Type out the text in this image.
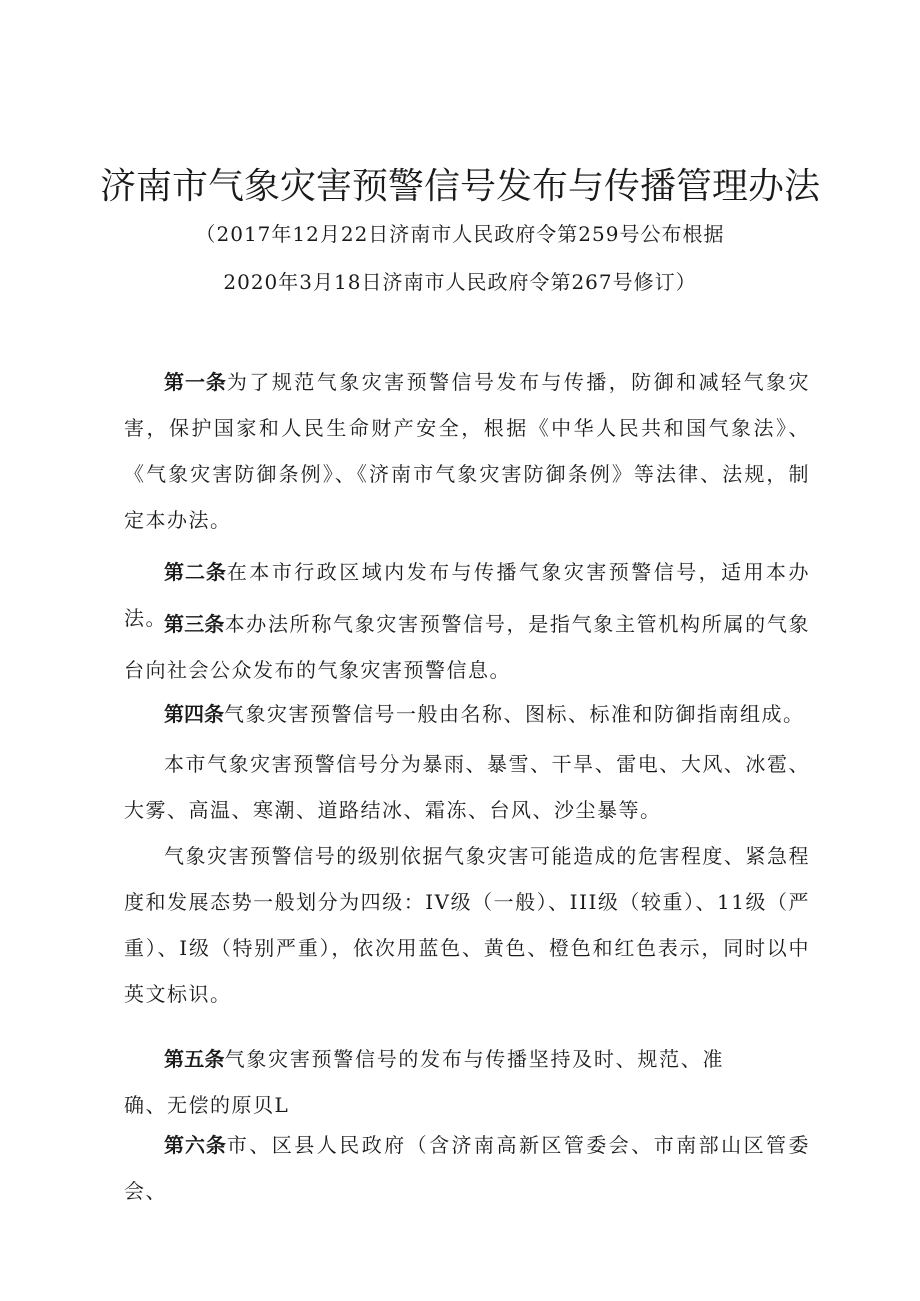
济南市气象灾害预警信号发布与传播管理办法

（2017年12月22日济南市人民政府令第259号公布根据

2020年3月18日济南市人民政府令第267号修订）

第一条为了规范气象灾害预警信号发布与传播，防御和减轻气象灾害，保护国家和人民生命财产安全，根据《中华人民共和国气象法》、《气象灾害防御条例》、《济南市气象灾害防御条例》等法律、法规，制定本办法。

第二条在本市行政区域内发布与传播气象灾害预警信号，适用本办法。

第三条本办法所称气象灾害预警信号，是指气象主管机构所属的气象台向社会公众发布的气象灾害预警信息。

第四条气象灾害预警信号一般由名称、图标、标准和防御指南组成。

本市气象灾害预警信号分为暴雨、暴雪、干旱、雷电、大风、冰雹、大雾、高温、寒潮、道路结冰、霜冻、台风、沙尘暴等。

气象灾害预警信号的级别依据气象灾害可能造成的危害程度、紧急程度和发展态势一般划分为四级：IV级（一般）、III级（较重）、11级（严重）、I级（特别严重），依次用蓝色、黄色、橙色和红色表示，同时以中英文标识。

第五条气象灾害预警信号的发布与传播坚持及时、规范、准确、无偿的原贝L

第六条市、区县人民政府（含济南高新区管委会、市南部山区管委会、
